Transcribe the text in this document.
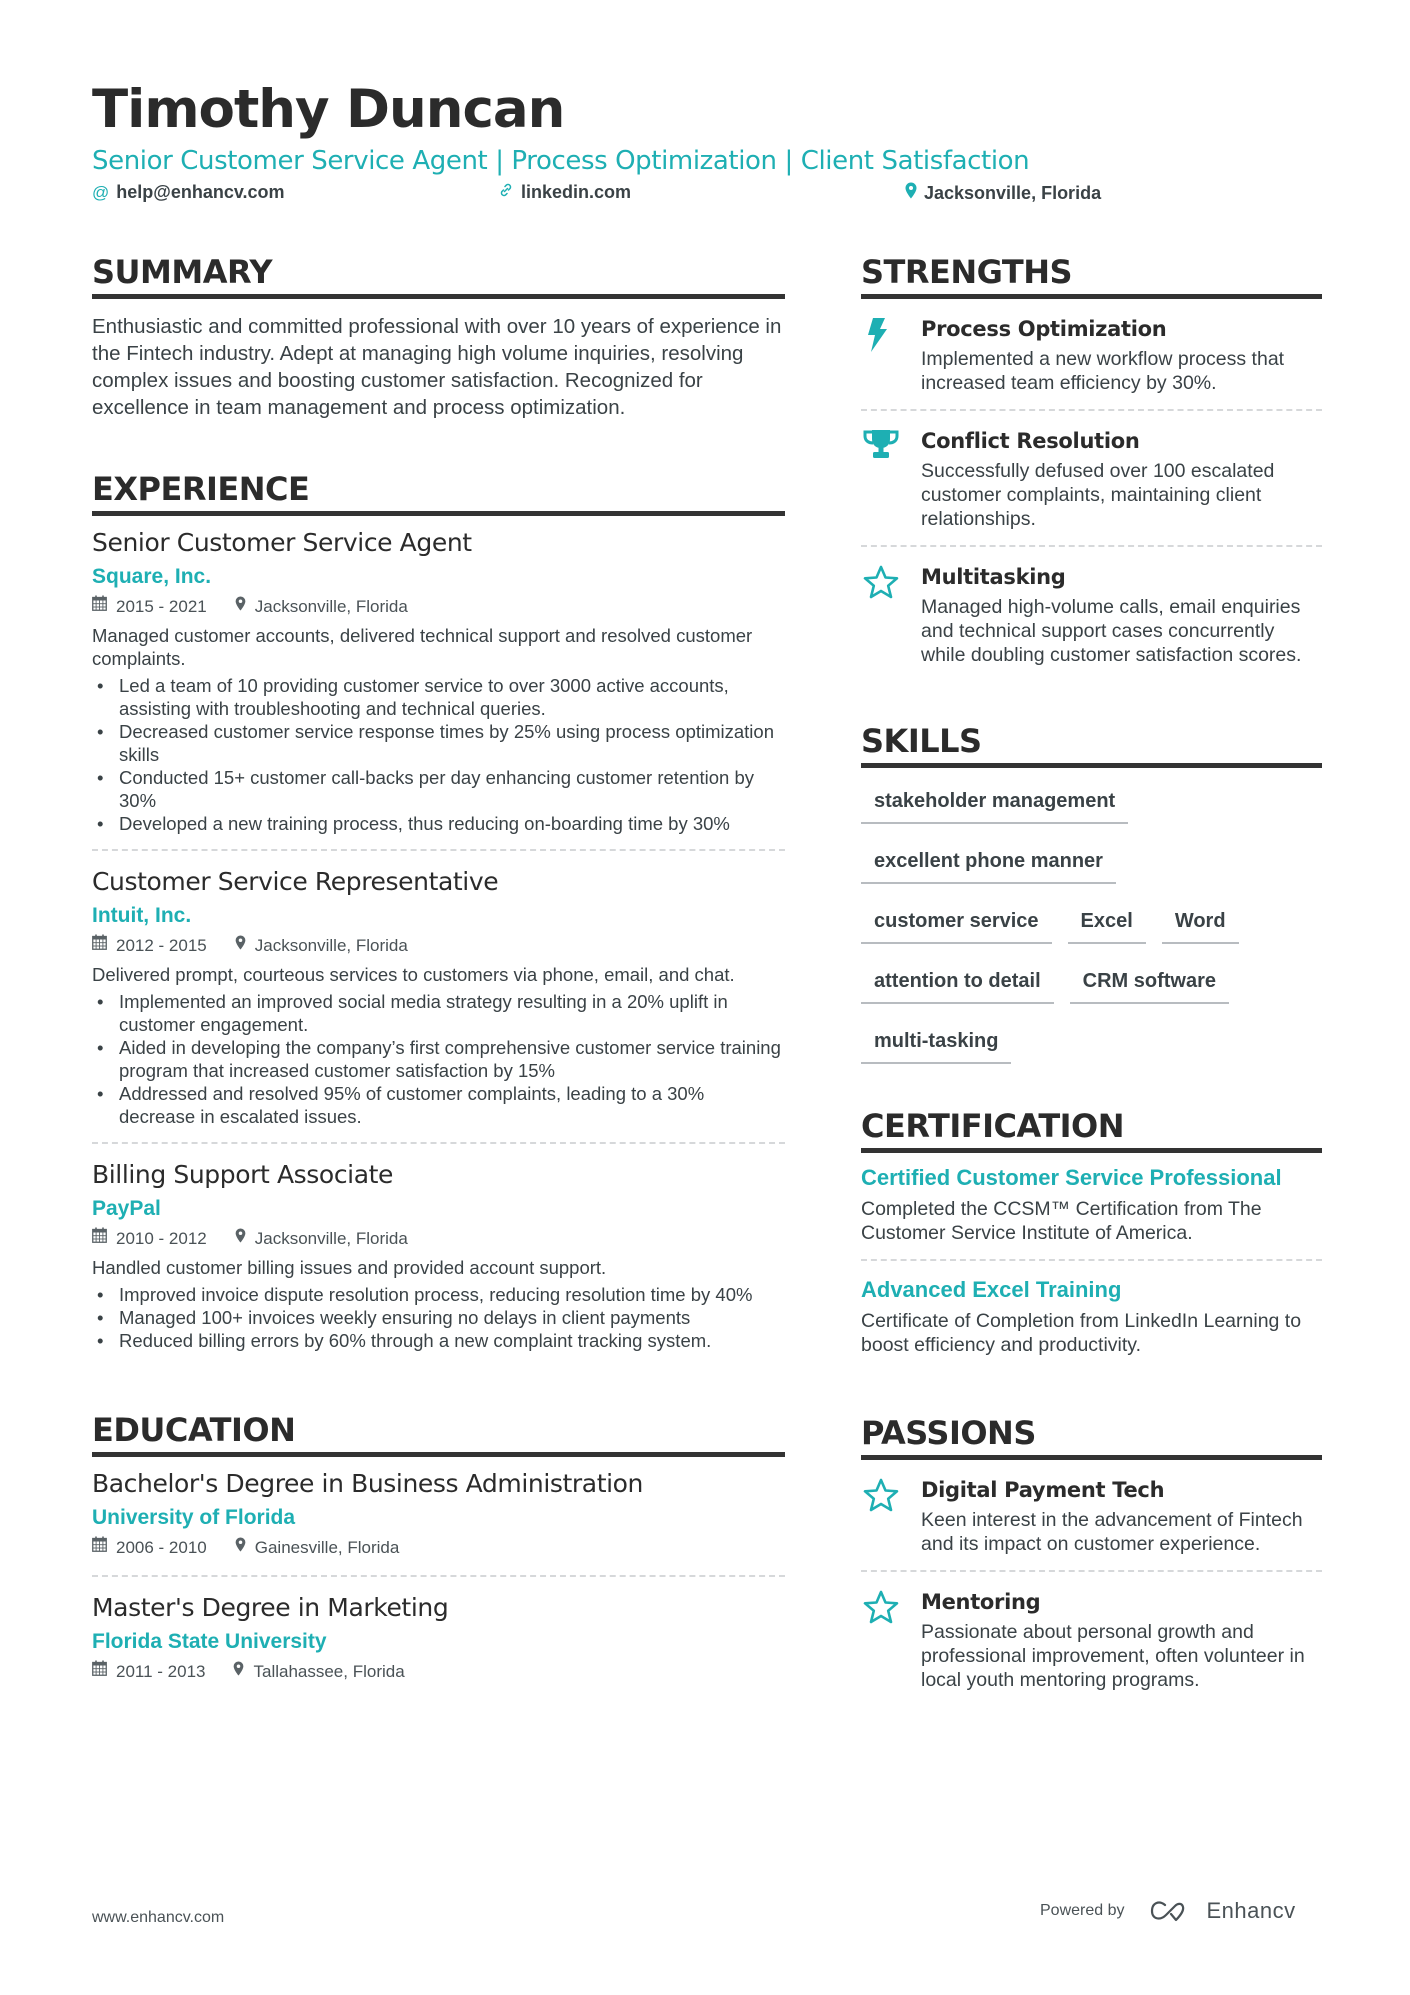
Timothy Duncan
Senior Customer Service Agent | Process Optimization | Client Satisfaction
@ help@enhancv.com	linkedin.com	Jacksonville, Florida
SUMMARY
Enthusiastic and committed professional with over 10 years of experience in the Fintech industry. Adept at managing high volume inquiries, resolving complex issues and boosting customer satisfaction. Recognized for excellence in team management and process optimization.
EXPERIENCE
Senior Customer Service Agent
Square, Inc.
2015 - 2021	Jacksonville, Florida
Managed customer accounts, delivered technical support and resolved customer complaints.
• Led a team of 10 providing customer service to over 3000 active accounts, assisting with troubleshooting and technical queries.
• Decreased customer service response times by 25% using process optimization skills
• Conducted 15+ customer call-backs per day enhancing customer retention by 30%
• Developed a new training process, thus reducing on-boarding time by 30%
Customer Service Representative
Intuit, Inc.
2012 - 2015	Jacksonville, Florida
Delivered prompt, courteous services to customers via phone, email, and chat.
• Implemented an improved social media strategy resulting in a 20% uplift in customer engagement.
• Aided in developing the company’s first comprehensive customer service training program that increased customer satisfaction by 15%
• Addressed and resolved 95% of customer complaints, leading to a 30% decrease in escalated issues.
Billing Support Associate
PayPal
2010 - 2012	Jacksonville, Florida
Handled customer billing issues and provided account support.
• Improved invoice dispute resolution process, reducing resolution time by 40%
• Managed 100+ invoices weekly ensuring no delays in client payments
• Reduced billing errors by 60% through a new complaint tracking system.
EDUCATION
Bachelor's Degree in Business Administration
University of Florida
2006 - 2010	Gainesville, Florida
Master's Degree in Marketing
Florida State University
2011 - 2013	Tallahassee, Florida
STRENGTHS
Process Optimization
Implemented a new workflow process that increased team efficiency by 30%.
Conflict Resolution
Successfully defused over 100 escalated customer complaints, maintaining client relationships.
Multitasking
Managed high-volume calls, email enquiries and technical support cases concurrently while doubling customer satisfaction scores.
SKILLS
stakeholder management
excellent phone manner
customer service	Excel	Word
attention to detail	CRM software
multi-tasking
CERTIFICATION
Certified Customer Service Professional
Completed the CCSM™ Certification from The Customer Service Institute of America.
Advanced Excel Training
Certificate of Completion from LinkedIn Learning to boost efficiency and productivity.
PASSIONS
Digital Payment Tech
Keen interest in the advancement of Fintech and its impact on customer experience.
Mentoring
Passionate about personal growth and professional improvement, often volunteer in local youth mentoring programs.
www.enhancv.com	Powered by	Enhancv
